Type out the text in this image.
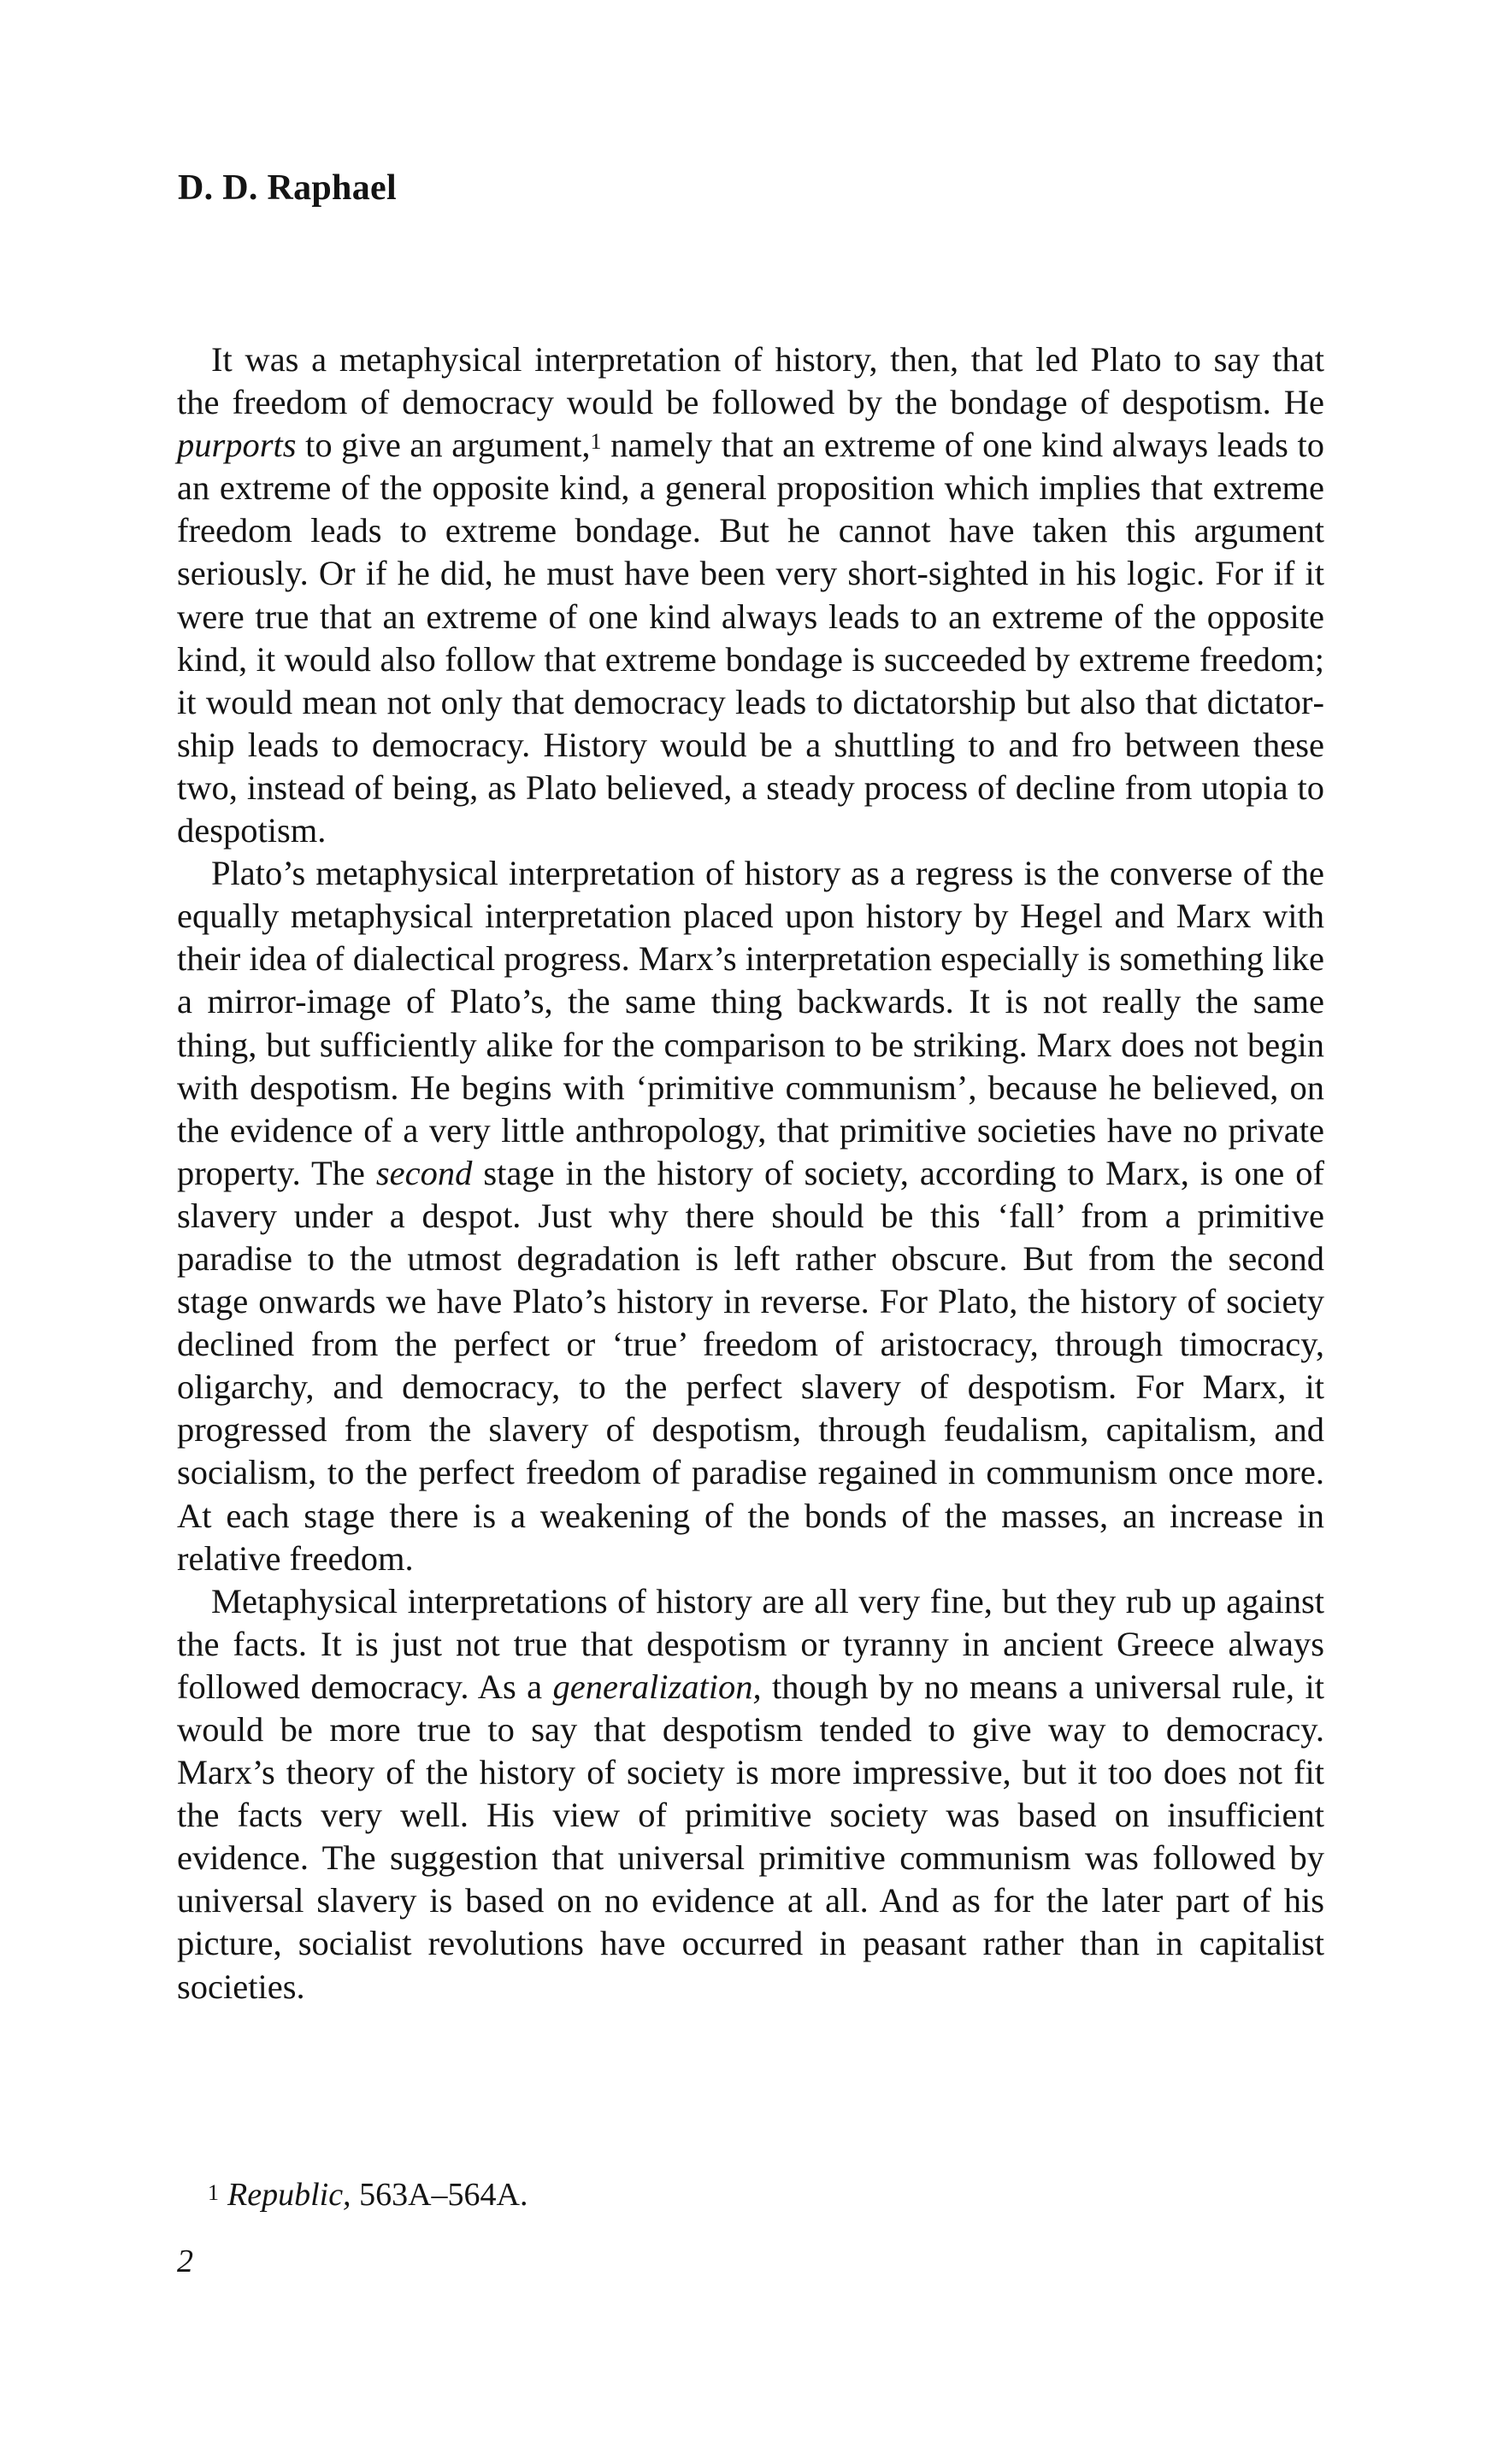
D. D. Raphael

It was a metaphysical interpretation of history, then, that led Plato to say that the freedom of democracy would be followed by the bondage of despotism. He purports to give an argument,$^1$ namely that an extreme of one kind always leads to an extreme of the opposite kind, a general proposition which implies that extreme freedom leads to extreme bondage. But he cannot have taken this argument seriously. Or if he did, he must have been very short-sighted in his logic. For if it were true that an extreme of one kind always leads to an extreme of the opposite kind, it would also follow that extreme bondage is succeeded by extreme freedom; it would mean not only that democracy leads to dictatorship but also that dictatorship leads to democracy. History would be a shuttling to and fro between these two, instead of being, as Plato believed, a steady process of decline from utopia to despotism.

Plato’s metaphysical interpretation of history as a regress is the converse of the equally metaphysical interpretation placed upon history by Hegel and Marx with their idea of dialectical progress. Marx’s interpretation especially is something like a mirror-image of Plato’s, the same thing backwards. It is not really the same thing, but sufficiently alike for the comparison to be striking. Marx does not begin with despotism. He begins with ‘primitive communism’, because he believed, on the evidence of a very little anthropology, that primitive societies have no private property. The second stage in the history of society, according to Marx, is one of slavery under a despot. Just why there should be this ‘fall’ from a primitive paradise to the utmost degradation is left rather obscure. But from the second stage onwards we have Plato’s history in reverse. For Plato, the history of society declined from the perfect or ‘true’ freedom of aristocracy, through timocracy, oligarchy, and democracy, to the perfect slavery of despotism. For Marx, it progressed from the slavery of despotism, through feudalism, capitalism, and socialism, to the perfect freedom of paradise regained in communism once more. At each stage there is a weakening of the bonds of the masses, an increase in relative freedom.

Metaphysical interpretations of history are all very fine, but they rub up against the facts. It is just not true that despotism or tyranny in ancient Greece always followed democracy. As a generalization, though by no means a universal rule, it would be more true to say that despotism tended to give way to democracy. Marx’s theory of the history of society is more impressive, but it too does not fit the facts very well. His view of primitive society was based on insufficient evidence. The suggestion that universal primitive communism was followed by universal slavery is based on no evidence at all. And as for the later part of his picture, socialist revolutions have occurred in peasant rather than in capitalist societies.

$^1$ Republic, 563A–564A.
2
